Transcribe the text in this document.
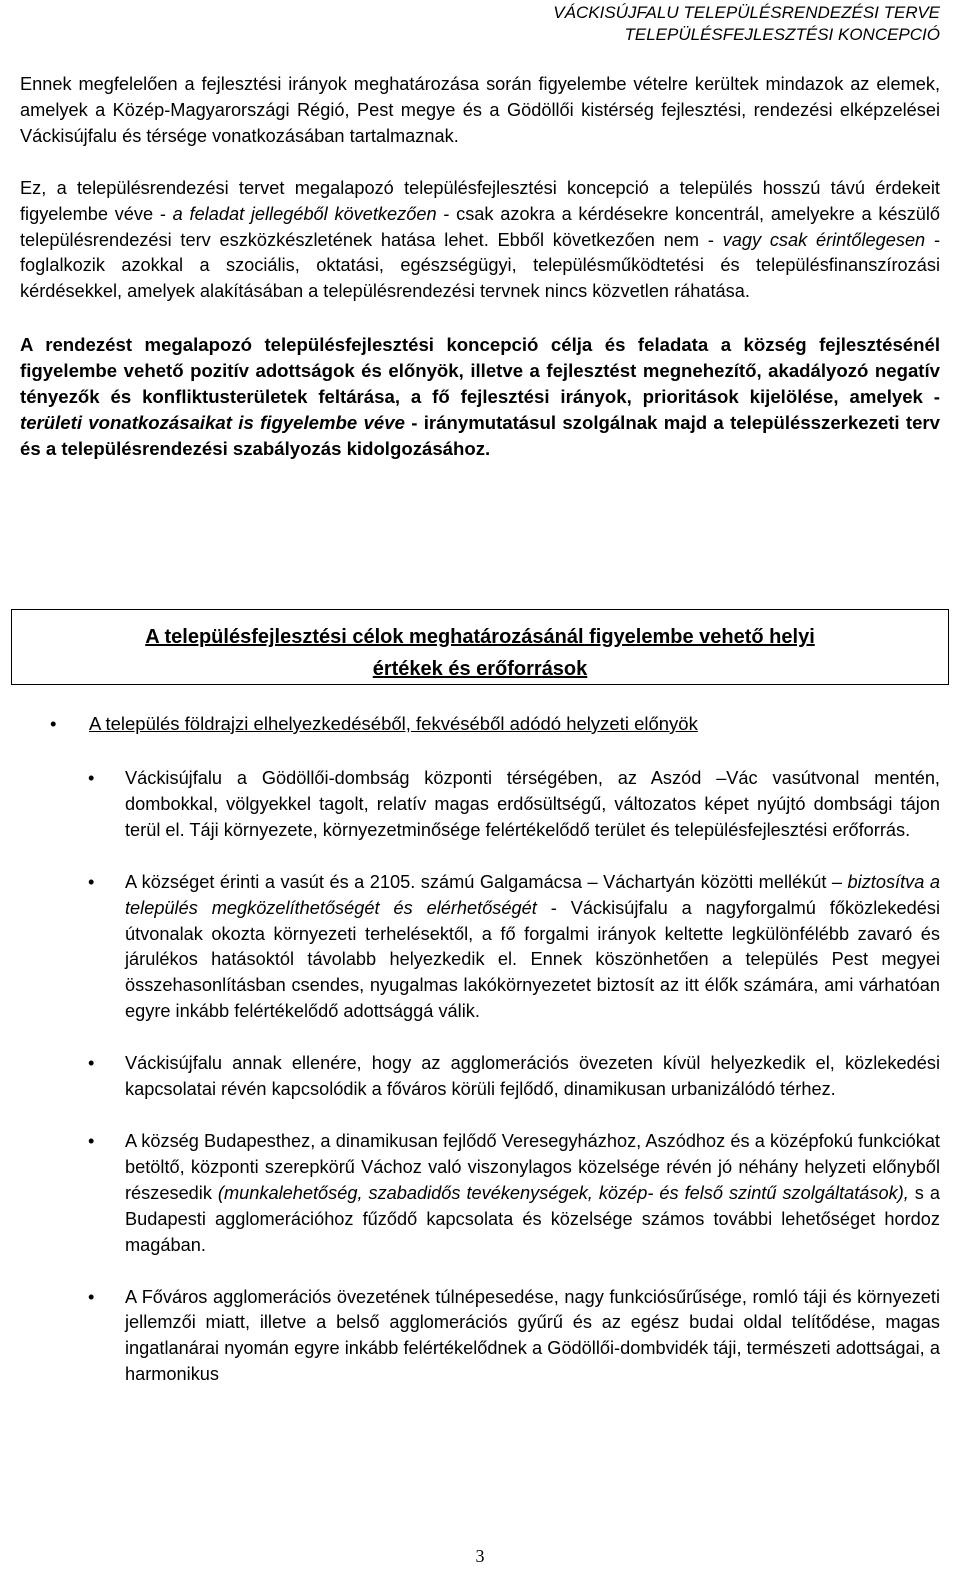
VÁCKISÚJFALU TELEPÜLÉSRENDEZÉSI TERVE
TELEPÜLÉSFEJLESZTÉSI KONCEPCIÓ

Ennek megfelelően a fejlesztési irányok meghatározása során figyelembe vételre kerültek mindazok az elemek, amelyek a Közép-Magyarországi Régió, Pest megye és a Gödöllői kistérség fejlesztési, rendezési elképzelései Váckisújfalu és térsége vonatkozásában tartalmaznak.

Ez, a településrendezési tervet megalapozó településfejlesztési koncepció a település hosszú távú érdekeit figyelembe véve - a feladat jellegéből következően - csak azokra a kérdésekre koncentrál, amelyekre a készülő településrendezési terv eszközkészletének hatása lehet. Ebből következően nem - vagy csak érintőlegesen - foglalkozik azokkal a szociális, oktatási, egészségügyi, településműködtetési és településfinanszírozási kérdésekkel, amelyek alakításában a településrendezési tervnek nincs közvetlen ráhatása.

A rendezést megalapozó településfejlesztési koncepció célja és feladata a község fejlesztésénél figyelembe vehető pozitív adottságok és előnyök, illetve a fejlesztést megnehezítő, akadályozó negatív tényezők és konfliktusterületek feltárása, a fő fejlesztési irányok, prioritások kijelölése, amelyek - területi vonatkozásaikat is figyelembe véve - iránymutatásul szolgálnak majd a településszerkezeti terv és a településrendezési szabályozás kidolgozásához.

A településfejlesztési célok meghatározásánál figyelembe vehető helyi
értékek és erőforrások
• A település földrajzi elhelyezkedéséből, fekvéséből adódó helyzeti előnyök
• Váckisújfalu a Gödöllői-dombság központi térségében, az Aszód –Vác vasútvonal mentén, dombokkal, völgyekkel tagolt, relatív magas erdősültségű, változatos képet nyújtó dombsági tájon terül el. Táji környezete, környezetminősége felértékelődő terület és településfejlesztési erőforrás.
• A községet érinti a vasút és a 2105. számú Galgamácsa – Váchartyán közötti mellékút – biztosítva a település megközelíthetőségét és elérhetőségét - Váckisújfalu a nagyforgalmú főközlekedési útvonalak okozta környezeti terhelésektől, a fő forgalmi irányok keltette legkülönfélébb zavaró és járulékos hatásoktól távolabb helyezkedik el. Ennek köszönhetően a település Pest megyei összehasonlításban csendes, nyugalmas lakókörnyezetet biztosít az itt élők számára, ami várhatóan egyre inkább felértékelődő adottsággá válik.
• Váckisújfalu annak ellenére, hogy az agglomerációs övezeten kívül helyezkedik el, közlekedési kapcsolatai révén kapcsolódik a főváros körüli fejlődő, dinamikusan urbanizálódó térhez.
• A község Budapesthez, a dinamikusan fejlődő Veresegyházhoz, Aszódhoz és a középfokú funkciókat betöltő, központi szerepkörű Váchoz való viszonylagos közelsége révén jó néhány helyzeti előnyből részesedik (munkalehetőség, szabadidős tevékenységek, közép- és felső szintű szolgáltatások), s a Budapesti agglomerációhoz fűződő kapcsolata és közelsége számos további lehetőséget hordoz magában.
• A Főváros agglomerációs övezetének túlnépesedése, nagy funkciósűrűsége, romló táji és környezeti jellemzői miatt, illetve a belső agglomerációs gyűrű és az egész budai oldal telítődése, magas ingatlanárai nyomán egyre inkább felértékelődnek a Gödöllői-dombvidék táji, természeti adottságai, a harmonikus
3
